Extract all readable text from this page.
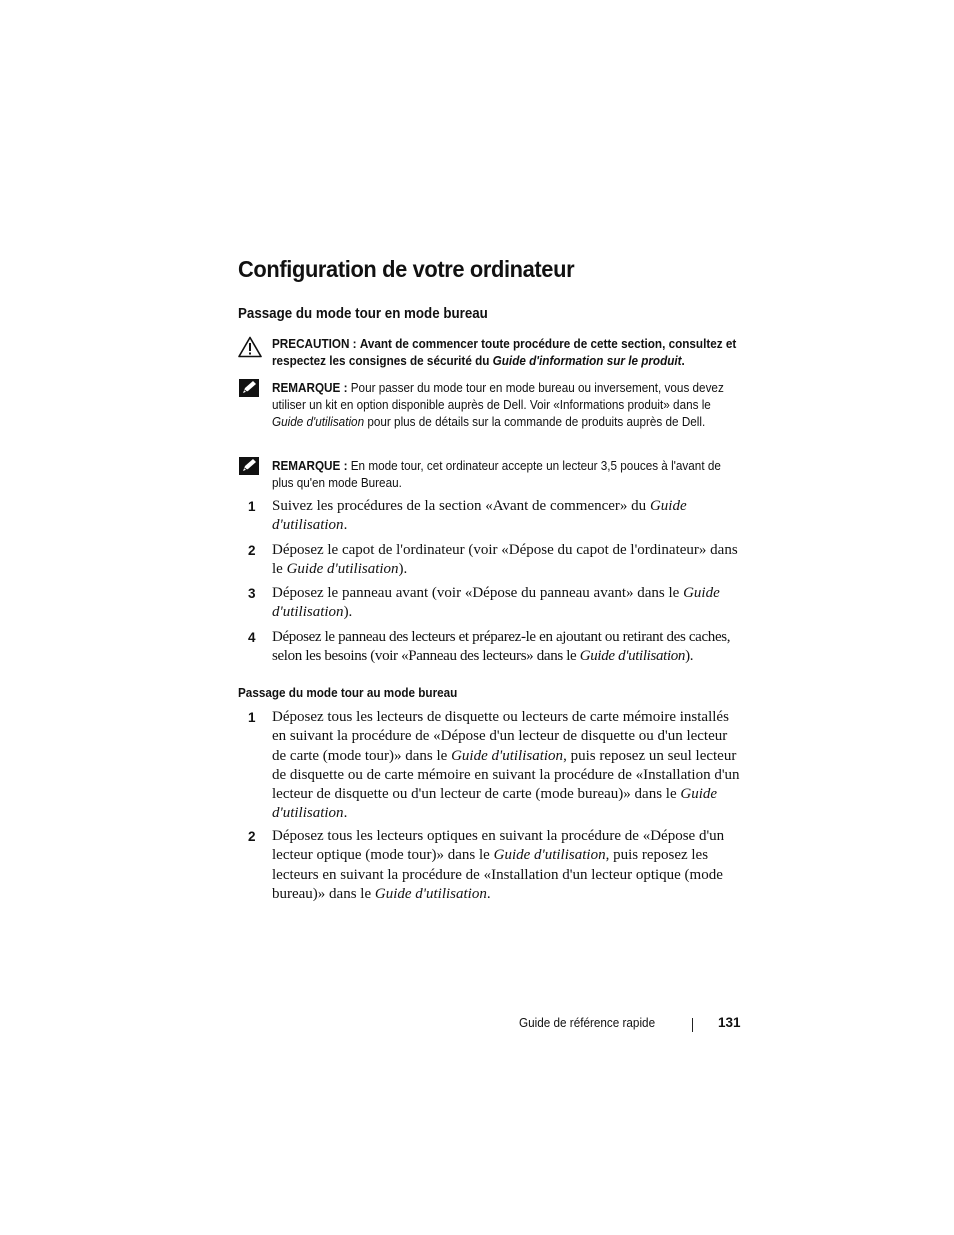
Configuration de votre ordinateur
Passage du mode tour en mode bureau
PRECAUTION : Avant de commencer toute procédure de cette section, consultez et respectez les consignes de sécurité du Guide d'information sur le produit.
REMARQUE : Pour passer du mode tour en mode bureau ou inversement, vous devez utiliser un kit en option disponible auprès de Dell. Voir «Informations produit» dans le Guide d'utilisation pour plus de détails sur la commande de produits auprès de Dell.
REMARQUE : En mode tour, cet ordinateur accepte un lecteur 3,5 pouces à l'avant de plus qu'en mode Bureau.
1 Suivez les procédures de la section «Avant de commencer» du Guide d'utilisation.
2 Déposez le capot de l'ordinateur (voir «Dépose du capot de l'ordinateur» dans le Guide d'utilisation).
3 Déposez le panneau avant (voir «Dépose du panneau avant» dans le Guide d'utilisation).
4 Déposez le panneau des lecteurs et préparez-le en ajoutant ou retirant des caches, selon les besoins (voir «Panneau des lecteurs» dans le Guide d'utilisation).
Passage du mode tour au mode bureau
1 Déposez tous les lecteurs de disquette ou lecteurs de carte mémoire installés en suivant la procédure de «Dépose d'un lecteur de disquette ou d'un lecteur de carte (mode tour)» dans le Guide d'utilisation, puis reposez un seul lecteur de disquette ou de carte mémoire en suivant la procédure de «Installation d'un lecteur de disquette ou d'un lecteur de carte (mode bureau)» dans le Guide d'utilisation.
2 Déposez tous les lecteurs optiques en suivant la procédure de «Dépose d'un lecteur optique (mode tour)» dans le Guide d'utilisation, puis reposez les lecteurs en suivant la procédure de «Installation d'un lecteur optique (mode bureau)» dans le Guide d'utilisation.
Guide de référence rapide	131
